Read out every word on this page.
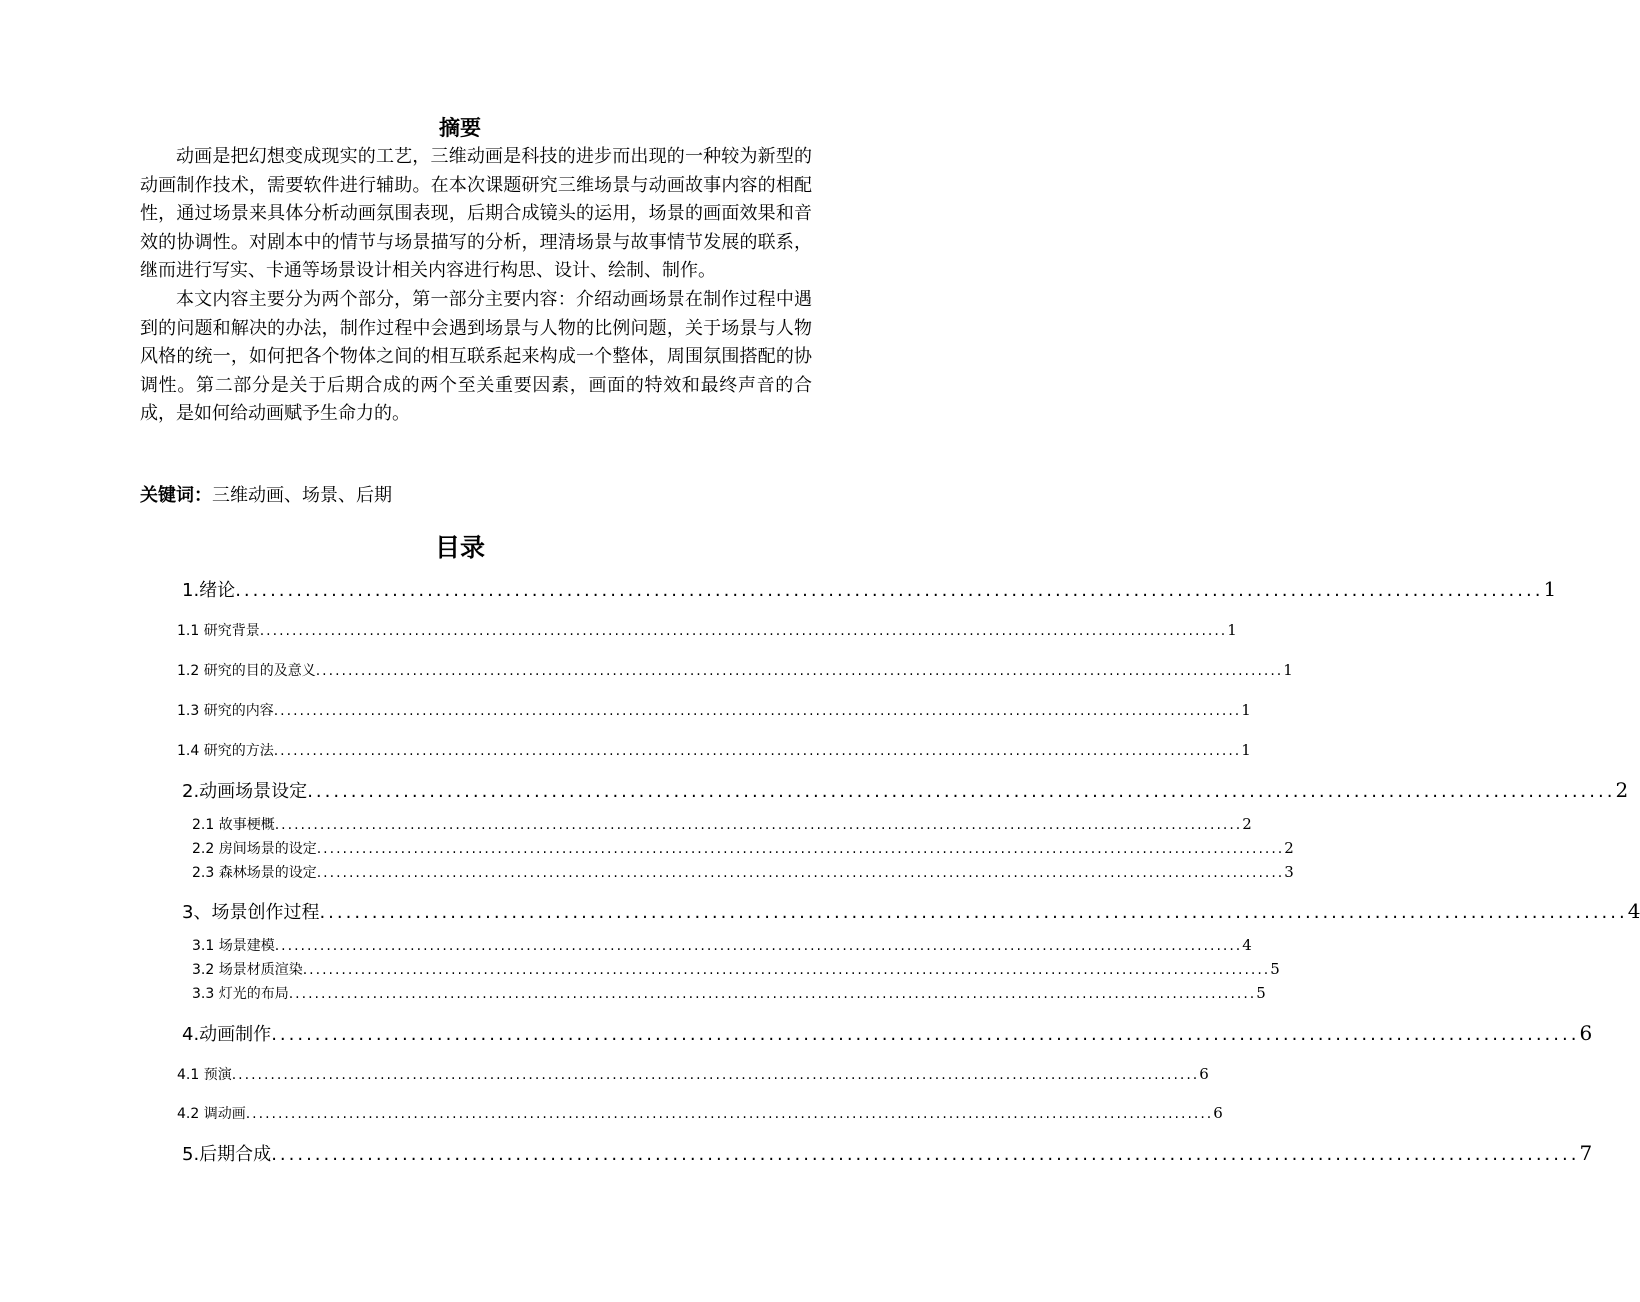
摘要

动画是把幻想变成现实的工艺，三维动画是科技的进步而出现的一种较为新型的动画制作技术，需要软件进行辅助。在本次课题研究三维场景与动画故事内容的相配性，通过场景来具体分析动画氛围表现，后期合成镜头的运用，场景的画面效果和音效的协调性。对剧本中的情节与场景描写的分析，理清场景与故事情节发展的联系，继而进行写实、卡通等场景设计相关内容进行构思、设计、绘制、制作。

本文内容主要分为两个部分，第一部分主要内容：介绍动画场景在制作过程中遇到的问题和解决的办法，制作过程中会遇到场景与人物的比例问题，关于场景与人物风格的统一，如何把各个物体之间的相互联系起来构成一个整体，周围氛围搭配的协调性。第二部分是关于后期合成的两个至关重要因素，画面的特效和最终声音的合成，是如何给动画赋予生命力的。

关键词：三维动画、场景、后期
目录
1.绪论 ...................................................................................................................................................... 1
1.1 研究背景 ...................................................................................................................................................... 1
1.2 研究的目的及意义 ...................................................................................................................................................... 1
1.3 研究的内容 ...................................................................................................................................................... 1
1.4 研究的方法 ...................................................................................................................................................... 1
2.动画场景设定 ...................................................................................................................................................... 2
2.1 故事梗概 ...................................................................................................................................................... 2
2.2 房间场景的设定 ...................................................................................................................................................... 2
2.3 森林场景的设定 ...................................................................................................................................................... 3
3、场景创作过程 ...................................................................................................................................................... 4
3.1 场景建模 ...................................................................................................................................................... 4
3.2 场景材质渲染 ...................................................................................................................................................... 5
3.3 灯光的布局 ...................................................................................................................................................... 5
4.动画制作 ...................................................................................................................................................... 6
4.1 预演 ...................................................................................................................................................... 6
4.2 调动画 ...................................................................................................................................................... 6
5.后期合成 ...................................................................................................................................................... 7
